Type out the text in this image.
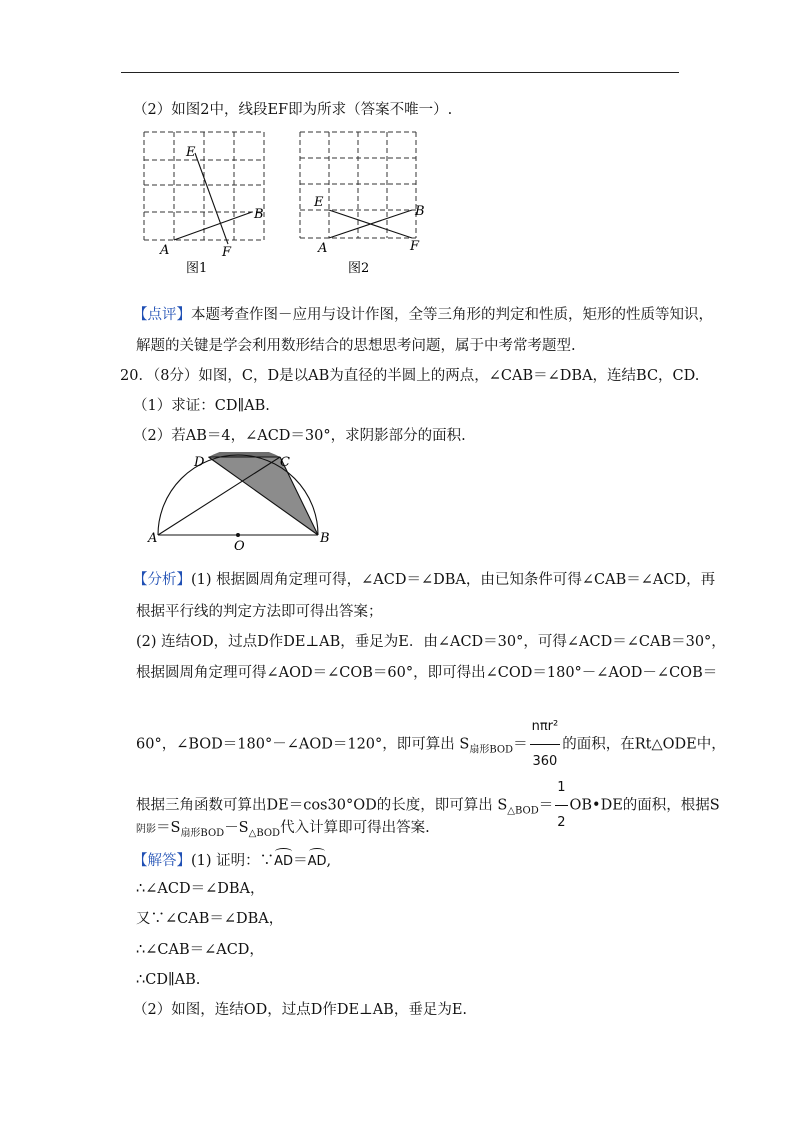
（2）如图2中，线段EF即为所求（答案不唯一）.
E
A	F
B
图1
E
A	F
B
图2
【点评】本题考查作图－应用与设计作图，全等三角形的判定和性质，矩形的性质等知识，
解题的关键是学会利用数形结合的思想思考问题，属于中考常考题型.
20．（8分）如图，C，D是以AB为直径的半圆上的两点，∠CAB＝∠DBA，连结BC，CD.
（1）求证：CD∥AB.
（2）若AB＝4，∠ACD＝30°，求阴影部分的面积.
D	C
A
O
B
【分析】(1) 根据圆周角定理可得，∠ACD＝∠DBA，由已知条件可得∠CAB＝∠ACD，再
根据平行线的判定方法即可得出答案；
(2) 连结OD，过点D作DE⊥AB，垂足为E．由∠ACD＝30°，可得∠ACD＝∠CAB＝30°，
根据圆周角定理可得∠AOD＝∠COB＝60°，即可得出∠COD＝180°－∠AOD－∠COB＝
60°，∠BOD＝180°－∠AOD＝120°，即可算出 $S_{扇形BOD}= \frac{\text{nπr²}}{360}$ 的面积，在Rt△ODE中，
根据三角函数可算出DE＝cos30°OD的长度，即可算出 $S_{\triangle BOD}= \frac{1}{2}$ OB•DE的面积，根据S
阴影$=S_{扇形BOD}-S_{\triangle BOD}$代入计算即可得出答案.
【解答】(1) 证明：∵AD＝AD,
∴∠ACD＝∠DBA，
又∵∠CAB＝∠DBA，
∴∠CAB＝∠ACD，
∴CD∥AB.
（2）如图，连结OD，过点D作DE⊥AB，垂足为E.
